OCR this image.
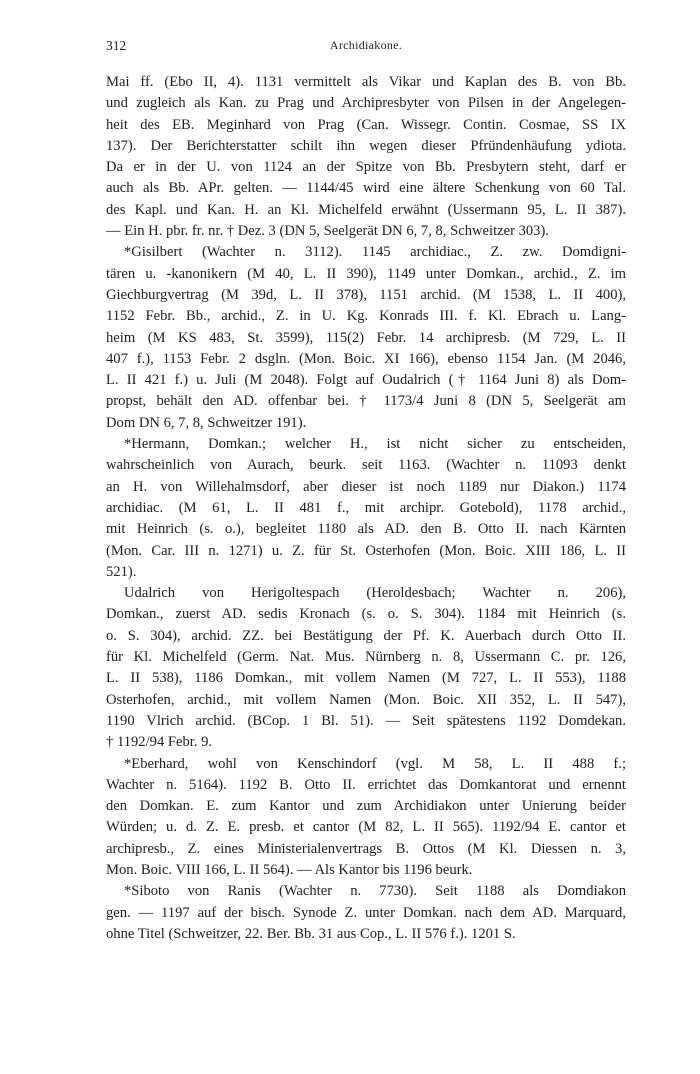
312	Archidiakone.
Mai ff. (Ebo II, 4). 1131 vermittelt als Vikar und Kaplan des B. von Bb.
und zugleich als Kan. zu Prag und Archipresbyter von Pilsen in der Angelegen-
heit des EB. Meginhard von Prag (Can. Wissegr. Contin. Cosmae, SS IX
137). Der Berichterstatter schilt ihn wegen dieser Pfründenhäufung ydiota.
Da er in der U. von 1124 an der Spitze von Bb. Presbytern steht, darf er
auch als Bb. APr. gelten. — 1144/45 wird eine ältere Schenkung von 60 Tal.
des Kapl. und Kan. H. an Kl. Michelfeld erwähnt (Ussermann 95, L. II 387).
— Ein H. pbr. fr. nr. † Dez. 3 (DN 5, Seelgerät DN 6, 7, 8, Schweitzer 303).
*Gisilbert (Wachter n. 3112). 1145 archidiac., Z. zw. Domdigni-
tären u. -kanonikern (M 40, L. II 390), 1149 unter Domkan., archid., Z. im
Giechburgvertrag (M 39d, L. II 378), 1151 archid. (M 1538, L. II 400),
1152 Febr. Bb., archid., Z. in U. Kg. Konrads III. f. Kl. Ebrach u. Lang-
heim (M KS 483, St. 3599), 115(2) Febr. 14 archipresb. (M 729, L. II
407 f.), 1153 Febr. 2 dsgln. (Mon. Boic. XI 166), ebenso 1154 Jan. (M 2046,
L. II 421 f.) u. Juli (M 2048). Folgt auf Oudalrich († 1164 Juni 8) als Dom-
propst, behält den AD. offenbar bei. † 1173/4 Juni 8 (DN 5, Seelgerät am
Dom DN 6, 7, 8, Schweitzer 191).
*Hermann, Domkan.; welcher H., ist nicht sicher zu entscheiden,
wahrscheinlich von Aurach, beurk. seit 1163. (Wachter n. 11093 denkt
an H. von Willehalmsdorf, aber dieser ist noch 1189 nur Diakon.) 1174
archidiac. (M 61, L. II 481 f., mit archipr. Gotebold), 1178 archid.,
mit Heinrich (s. o.), begleitet 1180 als AD. den B. Otto II. nach Kärnten
(Mon. Car. III n. 1271) u. Z. für St. Osterhofen (Mon. Boic. XIII 186, L. II
521).
Udalrich von Herigoltespach (Heroldesbach; Wachter n. 206),
Domkan., zuerst AD. sedis Kronach (s. o. S. 304). 1184 mit Heinrich (s.
o. S. 304), archid. ZZ. bei Bestätigung der Pf. K. Auerbach durch Otto II.
für Kl. Michelfeld (Germ. Nat. Mus. Nürnberg n. 8, Ussermann C. pr. 126,
L. II 538), 1186 Domkan., mit vollem Namen (M 727, L. II 553), 1188
Osterhofen, archid., mit vollem Namen (Mon. Boic. XII 352, L. II 547),
1190 Vlrich archid. (BCop. 1 Bl. 51). — Seit spätestens 1192 Domdekan.
† 1192/94 Febr. 9.
*Eberhard, wohl von Kenschindorf (vgl. M 58, L. II 488 f.;
Wachter n. 5164). 1192 B. Otto II. errichtet das Domkantorat und ernennt
den Domkan. E. zum Kantor und zum Archidiakon unter Unierung beider
Würden; u. d. Z. E. presb. et cantor (M 82, L. II 565). 1192/94 E. cantor et
archipresb., Z. eines Ministerialenvertrags B. Ottos (M Kl. Diessen n. 3,
Mon. Boic. VIII 166, L. II 564). — Als Kantor bis 1196 beurk.
*Siboto von Ranis (Wachter n. 7730). Seit 1188 als Domdiakon
gen. — 1197 auf der bisch. Synode Z. unter Domkan. nach dem AD. Marquard,
ohne Titel (Schweitzer, 22. Ber. Bb. 31 aus Cop., L. II 576 f.). 1201 S.
